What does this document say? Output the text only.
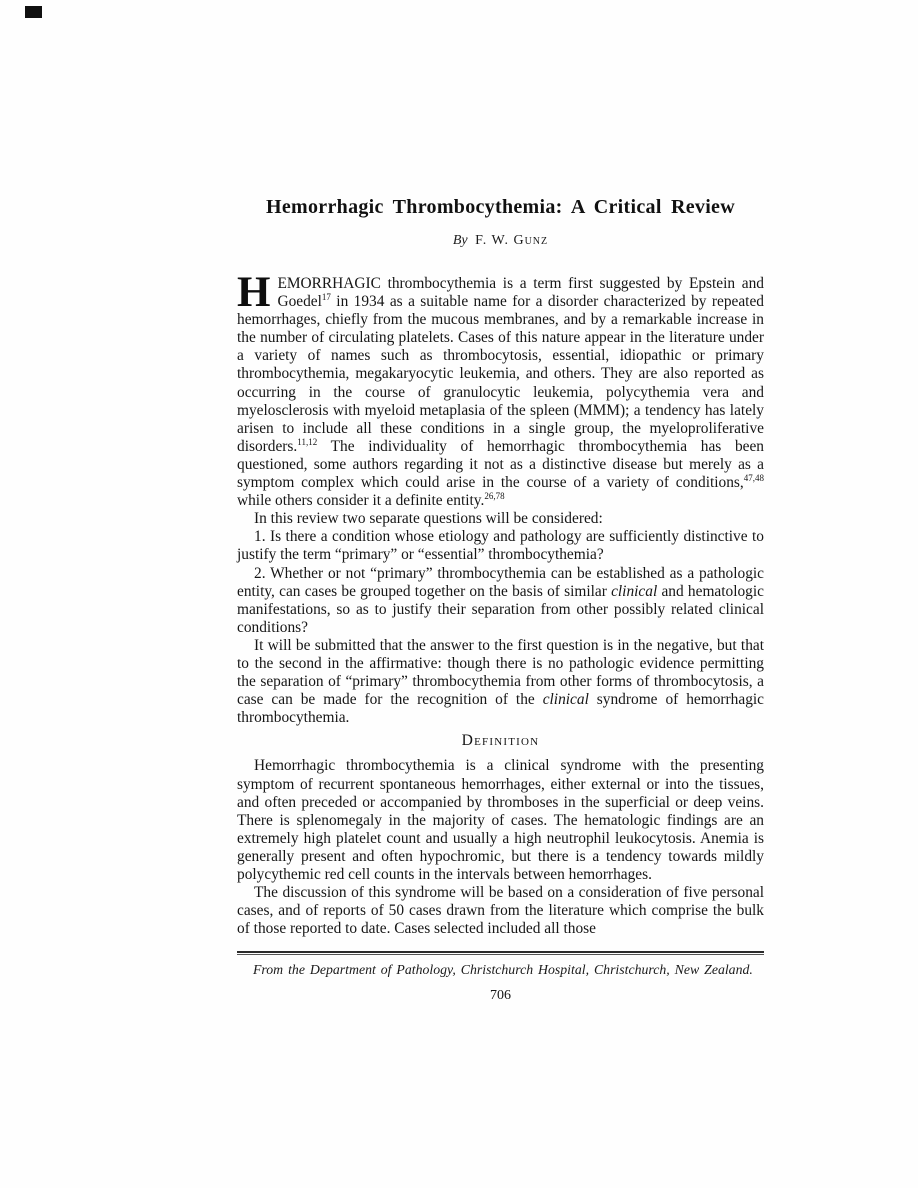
Hemorrhagic Thrombocythemia: A Critical Review
By F. W. Gunz

H EMORRHAGIC thrombocythemia is a term first suggested by Epstein and Goedel$^{17}$ in 1934 as a suitable name for a disorder characterized by repeated hemorrhages, chiefly from the mucous membranes, and by a remarkable increase in the number of circulating platelets. Cases of this nature appear in the literature under a variety of names such as thrombocytosis, essential, idiopathic or primary thrombocythemia, megakaryocytic leukemia, and others. They are also reported as occurring in the course of granulocytic leukemia, polycythemia vera and myelosclerosis with myeloid metaplasia of the spleen (MMM); a tendency has lately arisen to include all these conditions in a single group, the myeloproliferative disorders.$^{11,12}$ The individuality of hemorrhagic thrombocythemia has been questioned, some authors regarding it not as a distinctive disease but merely as a symptom complex which could arise in the course of a variety of conditions,$^{47,48}$ while others consider it a definite entity.$^{26,78}$

In this review two separate questions will be considered:

1. Is there a condition whose etiology and pathology are sufficiently distinctive to justify the term “primary” or “essential” thrombocythemia?

2. Whether or not “primary” thrombocythemia can be established as a pathologic entity, can cases be grouped together on the basis of similar clinical and hematologic manifestations, so as to justify their separation from other possibly related clinical conditions?

It will be submitted that the answer to the first question is in the negative, but that to the second in the affirmative: though there is no pathologic evidence permitting the separation of “primary” thrombocythemia from other forms of thrombocytosis, a case can be made for the recognition of the clinical syndrome of hemorrhagic thrombocythemia.

Definition

Hemorrhagic thrombocythemia is a clinical syndrome with the presenting symptom of recurrent spontaneous hemorrhages, either external or into the tissues, and often preceded or accompanied by thromboses in the superficial or deep veins. There is splenomegaly in the majority of cases. The hematologic findings are an extremely high platelet count and usually a high neutrophil leukocytosis. Anemia is generally present and often hypochromic, but there is a tendency towards mildly polycythemic red cell counts in the intervals between hemorrhages.

The discussion of this syndrome will be based on a consideration of five personal cases, and of reports of 50 cases drawn from the literature which comprise the bulk of those reported to date. Cases selected included all those

From the Department of Pathology, Christchurch Hospital, Christchurch, New Zealand.
706
